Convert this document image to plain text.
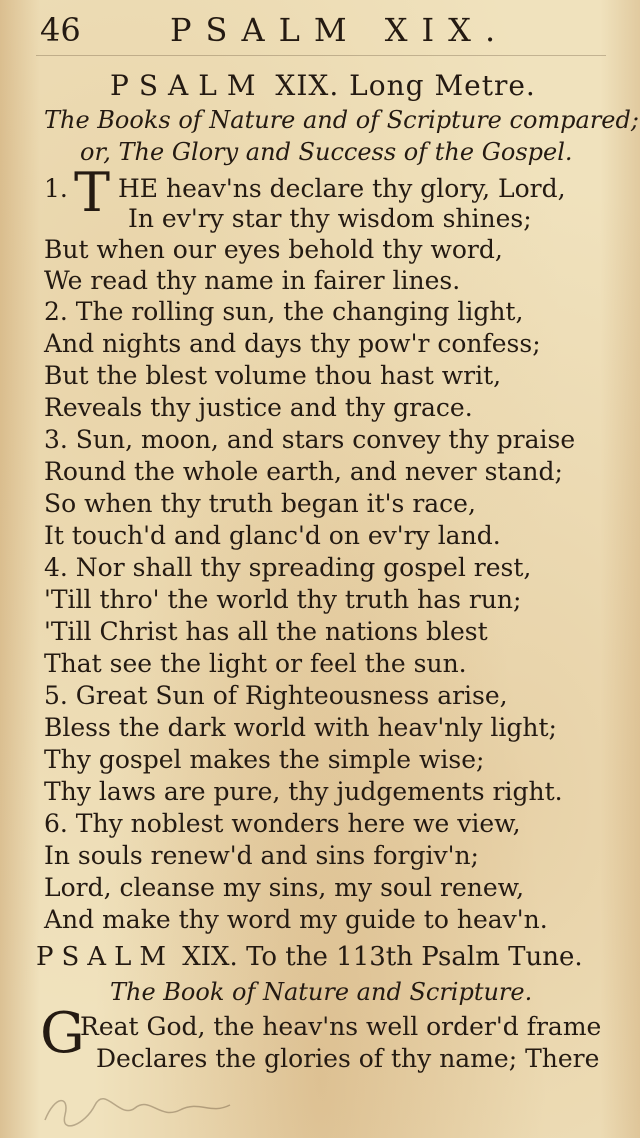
46	PSALM XIX.
PSALM XIX. Long Metre.
The Books of Nature and of Scripture compared;
or, The Glory and Success of the Gospel.
1. T HE heav'ns declare thy glory, Lord,
In ev'ry star thy wisdom shines;
But when our eyes behold thy word,
We read thy name in fairer lines.
2. The rolling sun, the changing light,
And nights and days thy pow'r confess;
But the blest volume thou hast writ,
Reveals thy justice and thy grace.
3. Sun, moon, and stars convey thy praise
Round the whole earth, and never stand;
So when thy truth began it's race,
It touch'd and glanc'd on ev'ry land.
4. Nor shall thy spreading gospel rest,
'Till thro' the world thy truth has run;
'Till Christ has all the nations blest
That see the light or feel the sun.
5. Great Sun of Righteousness arise,
Bless the dark world with heav'nly light;
Thy gospel makes the simple wise;
Thy laws are pure, thy judgements right.
6. Thy noblest wonders here we view,
In souls renew'd and sins forgiv'n;
Lord, cleanse my sins, my soul renew,
And make thy word my guide to heav'n.
PSALM XIX. To the 113th Psalm Tune.
The Book of Nature and Scripture.
G
Reat God, the heav'ns well order'd frame
Declares the glories of thy name; There
